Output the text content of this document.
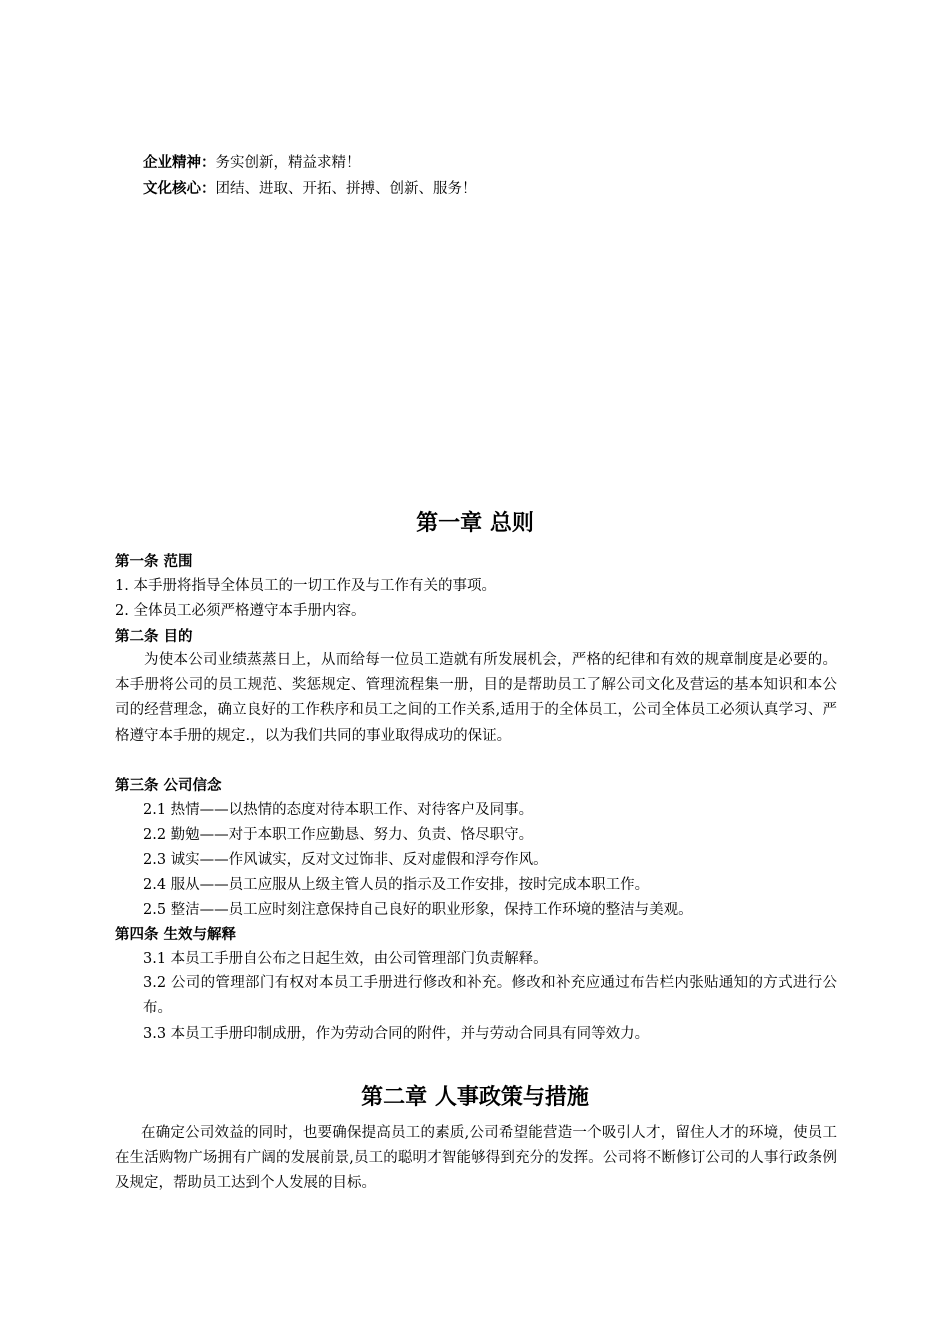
企业精神：务实创新，精益求精！
文化核心：团结、进取、开拓、拼搏、创新、服务！
第一章 总则
第一条 范围
1. 本手册将指导全体员工的一切工作及与工作有关的事项。
2. 全体员工必须严格遵守本手册内容。
第二条 目的
为使本公司业绩蒸蒸日上，从而给每一位员工造就有所发展机会，严格的纪律和有效的规章制度是必要的。本手册将公司的员工规范、奖惩规定、管理流程集一册，目的是帮助员工了解公司文化及营运的基本知识和本公司的经营理念，确立良好的工作秩序和员工之间的工作关系,适用于的全体员工，公司全体员工必须认真学习、严格遵守本手册的规定.，以为我们共同的事业取得成功的保证。
第三条 公司信念
2.1 热情——以热情的态度对待本职工作、对待客户及同事。
2.2 勤勉——对于本职工作应勤恳、努力、负责、恪尽职守。
2.3 诚实——作风诚实，反对文过饰非、反对虚假和浮夸作风。
2.4 服从——员工应服从上级主管人员的指示及工作安排，按时完成本职工作。
2.5 整洁——员工应时刻注意保持自己良好的职业形象，保持工作环境的整洁与美观。
第四条 生效与解释
3.1 本员工手册自公布之日起生效，由公司管理部门负责解释。
3.2 公司的管理部门有权对本员工手册进行修改和补充。修改和补充应通过布告栏内张贴通知的方式进行公布。
3.3 本员工手册印制成册，作为劳动合同的附件，并与劳动合同具有同等效力。
第二章 人事政策与措施
在确定公司效益的同时，也要确保提高员工的素质,公司希望能营造一个吸引人才，留住人才的环境，使员工在生活购物广场拥有广阔的发展前景,员工的聪明才智能够得到充分的发挥。公司将不断修订公司的人事行政条例及规定，帮助员工达到个人发展的目标。
